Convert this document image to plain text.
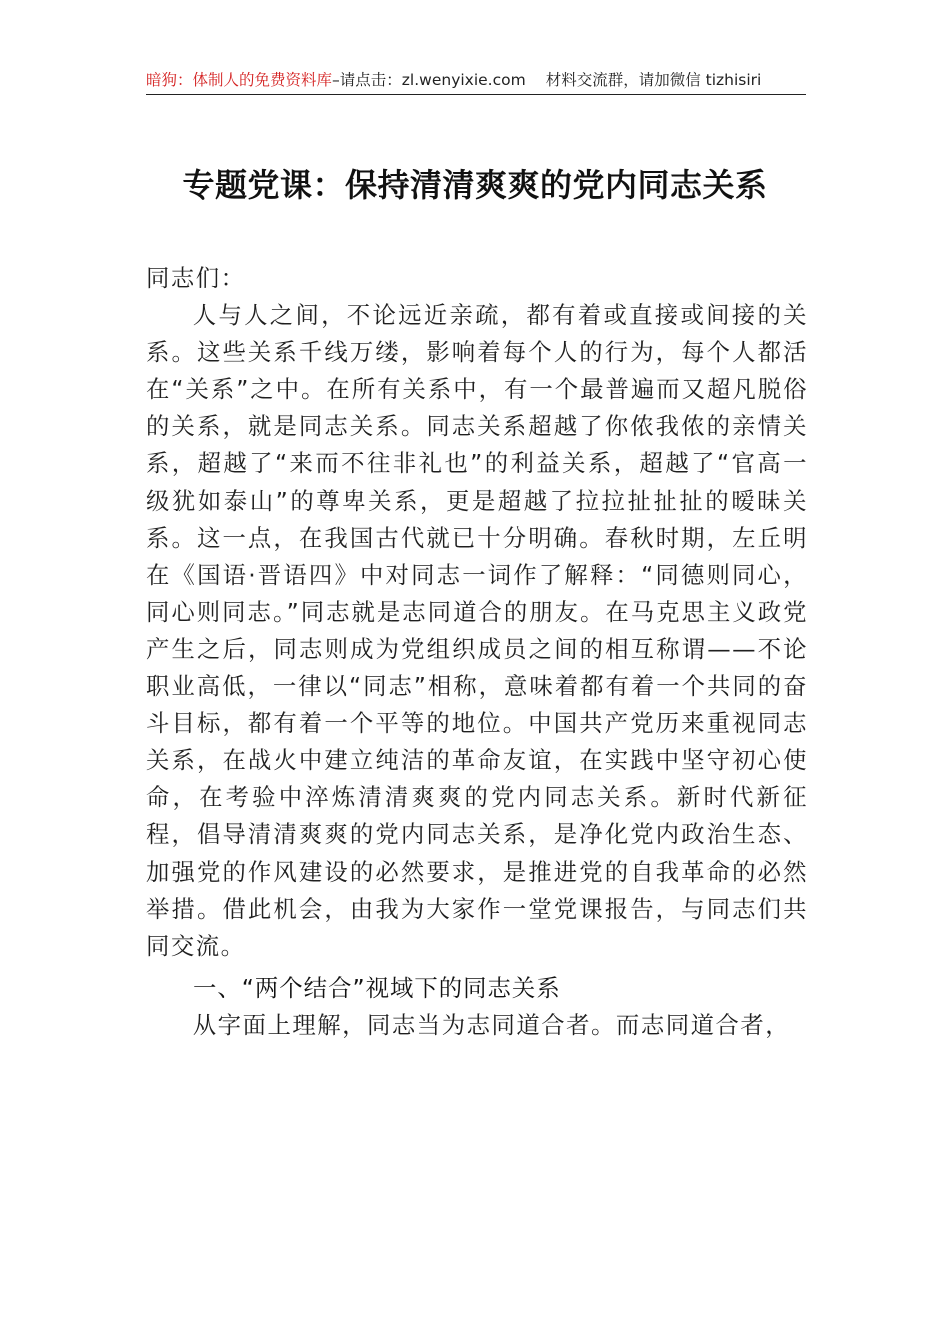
暗狗：体制人的免费资料库 –请点击： zl.wenyixie.com 材料交流群，请加微信 tizhisiri
专题党课：保持清清爽爽的党内同志关系

同志们：

人与人之间，不论远近亲疏，都有着或直接或间接的关系。这些关系千线万缕，影响着每个人的行为，每个人都活在“关系”之中。在所有关系中，有一个最普遍而又超凡脱俗的关系，就是同志关系。同志关系超越了你侬我侬的亲情关系，超越了“来而不往非礼也”的利益关系，超越了“官高一级犹如泰山”的尊卑关系，更是超越了拉拉扯扯扯的暧昧关系。这一点，在我国古代就已十分明确。春秋时期，左丘明在《国语·晋语四》中对同志一词作了解释：“同德则同心，同心则同志。”同志就是志同道合的朋友。在马克思主义政党产生之后，同志则成为党组织成员之间的相互称谓——不论职业高低，一律以“同志”相称，意味着都有着一个共同的奋斗目标，都有着一个平等的地位。中国共产党历来重视同志关系，在战火中建立纯洁的革命友谊，在实践中坚守初心使命，在考验中淬炼清清爽爽的党内同志关系。新时代新征程，倡导清清爽爽的党内同志关系，是净化党内政治生态、加强党的作风建设的必然要求，是推进党的自我革命的必然举措。借此机会，由我为大家作一堂党课报告，与同志们共同交流。

一、“两个结合”视域下的同志关系

从字面上理解，同志当为志同道合者。而志同道合者，
